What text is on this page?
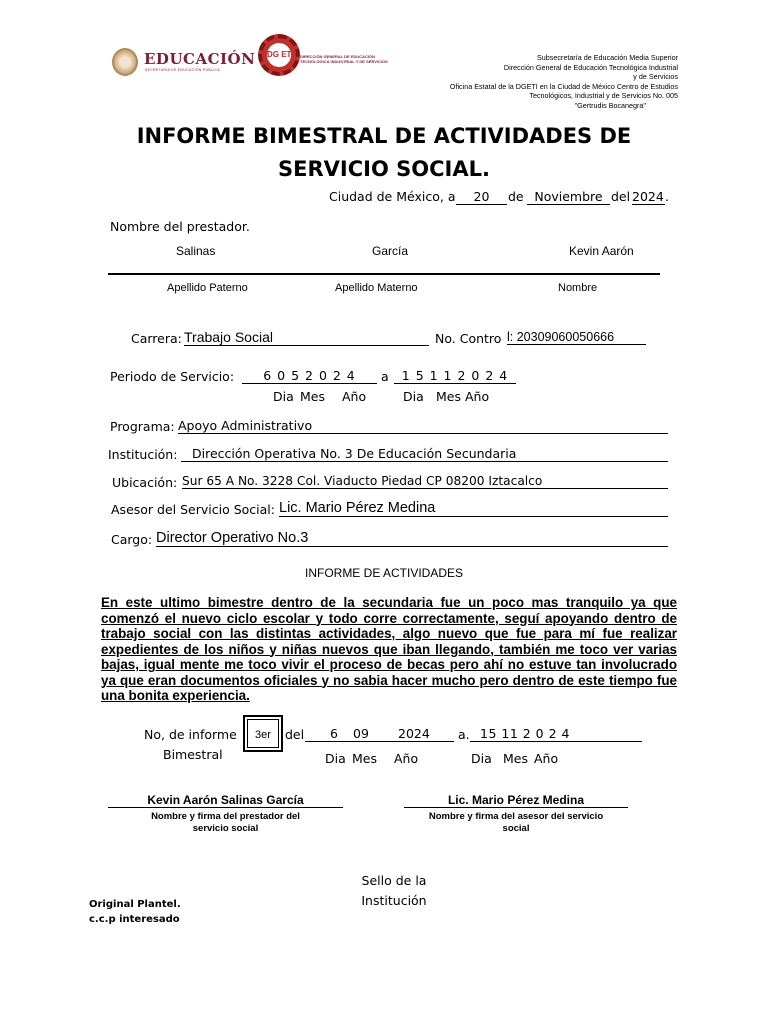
EDUCACIÓN
SECRETARÍA DE EDUCACIÓN PÚBLICA
DG ETI DIRECCIÓN GENERAL DE EDUCACIÓN
TECNOLÓGICA INDUSTRIAL Y DE SERVICIOS	Subsecretaría de Educación Media Superior
Dirección General de Educación Tecnológica Industrial
y de Servicios
Oficina Estatal de la DGETI en la Ciudad de México Centro de Estudios
Tecnológicos, Industrial y de Servicios No. 005
"Gertrudis Bocanegra"
INFORME BIMESTRAL DE ACTIVIDADES DE
SERVICIO SOCIAL.
Ciudad de México, a	20	de Noviembre del 2024 .
Nombre del prestador.
Salinas	García	Kevin Aarón
Apellido Paterno	Apellido Materno	Nombre
Carrera: Trabajo Social	No. Contro l: 20309060050666
Periodo de Servicio:	6 0 5 2 0 2 4	a	1 5 1 1 2 0 2 4
Dia Mes Año	Dia Mes Año
Programa: Apoyo Administrativo
Institución:	Dirección Operativa No. 3 De Educación Secundaria
Ubicación: Sur 65 A No. 3228 Col. Viaducto Piedad CP 08200 Iztacalco
Asesor del Servicio Social: Lic. Mario Pérez Medina
Cargo: Director Operativo No.3
INFORME DE ACTIVIDADES
En este ultimo bimestre dentro de la secundaria fue un poco mas tranquilo ya que comenzó el nuevo ciclo escolar y todo corre correctamente, seguí apoyando dentro de trabajo social con las distintas actividades, algo nuevo que fue para mí fue realizar expedientes de los niños y niñas nuevos que iban llegando, también me toco ver varias bajas, igual mente me toco vivir el proceso de becas pero ahí no estuve tan involucrado ya que eran documentos oficiales y no sabia hacer mucho pero dentro de este tiempo fue una bonita experiencia.
No, de informe	3er
Bimestral
del 6 09 2024
a. 15 11 2 0 2 4
Dia Mes Año	Dia Mes Año
Kevin Aarón Salinas García
Nombre y firma del prestador del
servicio social
Lic. Mario Pérez Medina
Nombre y firma del asesor del servicio
social
Sello de la
Institución
Original Plantel.
c.c.p interesado
